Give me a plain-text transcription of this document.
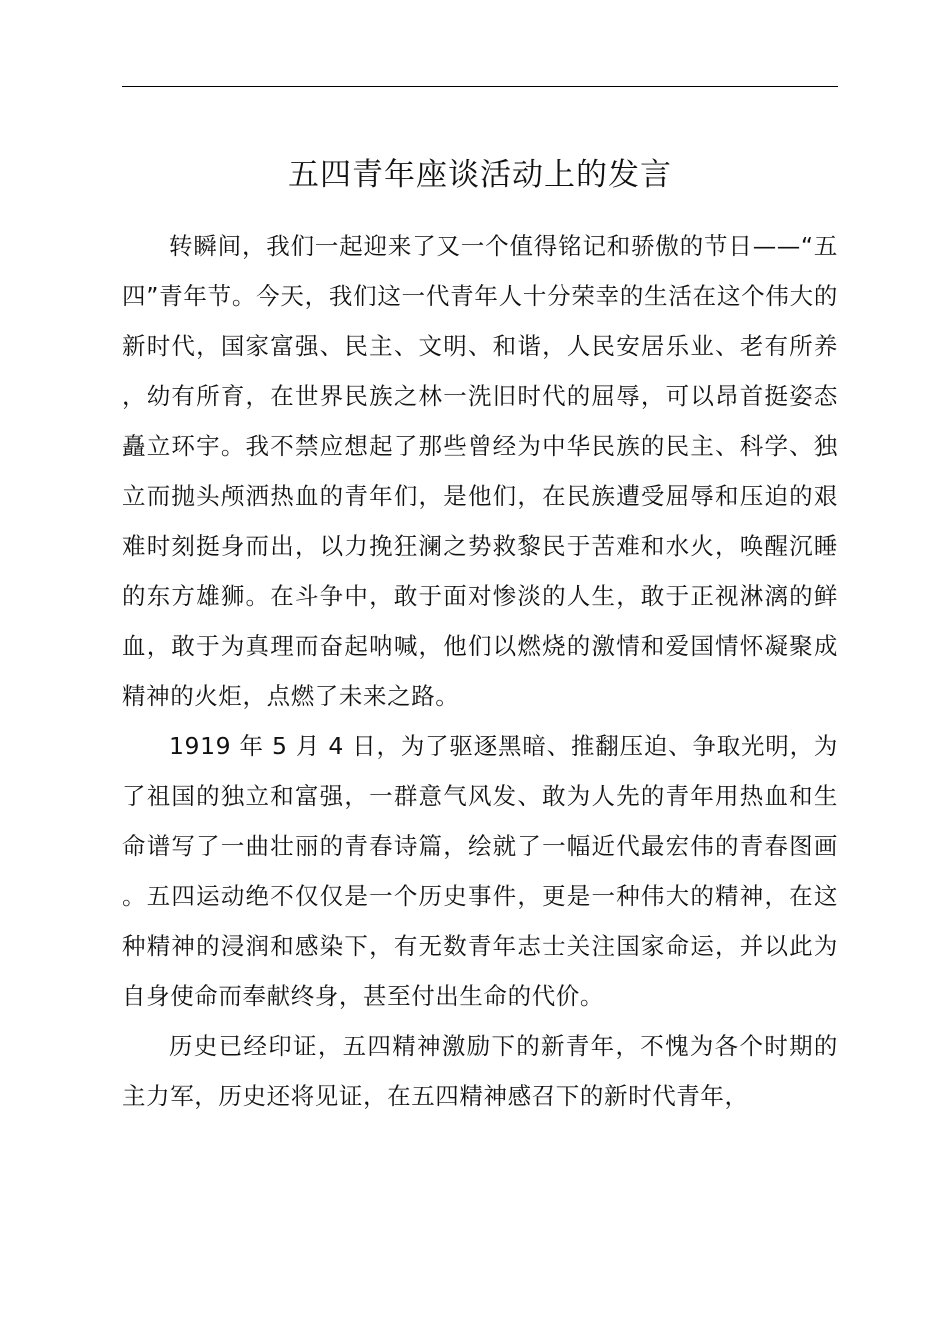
五四青年座谈活动上的发言

转瞬间，我们一起迎来了又一个值得铭记和骄傲的节日——“五四”青年节。今天，我们这一代青年人十分荣幸的生活在这个伟大的新时代，国家富强、民主、文明、和谐，人民安居乐业、老有所养，幼有所育，在世界民族之林一洗旧时代的屈辱，可以昂首挺姿态矗立环宇。我不禁应想起了那些曾经为中华民族的民主、科学、独立而抛头颅洒热血的青年们，是他们，在民族遭受屈辱和压迫的艰难时刻挺身而出，以力挽狂澜之势救黎民于苦难和水火，唤醒沉睡的东方雄狮。在斗争中，敢于面对惨淡的人生，敢于正视淋漓的鲜血，敢于为真理而奋起呐喊，他们以燃烧的激情和爱国情怀凝聚成精神的火炬，点燃了未来之路。

1919 年 5 月 4 日，为了驱逐黑暗、推翻压迫、争取光明，为了祖国的独立和富强，一群意气风发、敢为人先的青年用热血和生命谱写了一曲壮丽的青春诗篇，绘就了一幅近代最宏伟的青春图画。五四运动绝不仅仅是一个历史事件，更是一种伟大的精神，在这种精神的浸润和感染下，有无数青年志士关注国家命运，并以此为自身使命而奉献终身，甚至付出生命的代价。

历史已经印证，五四精神激励下的新青年，不愧为各个时期的主力军，历史还将见证，在五四精神感召下的新时代青年，
